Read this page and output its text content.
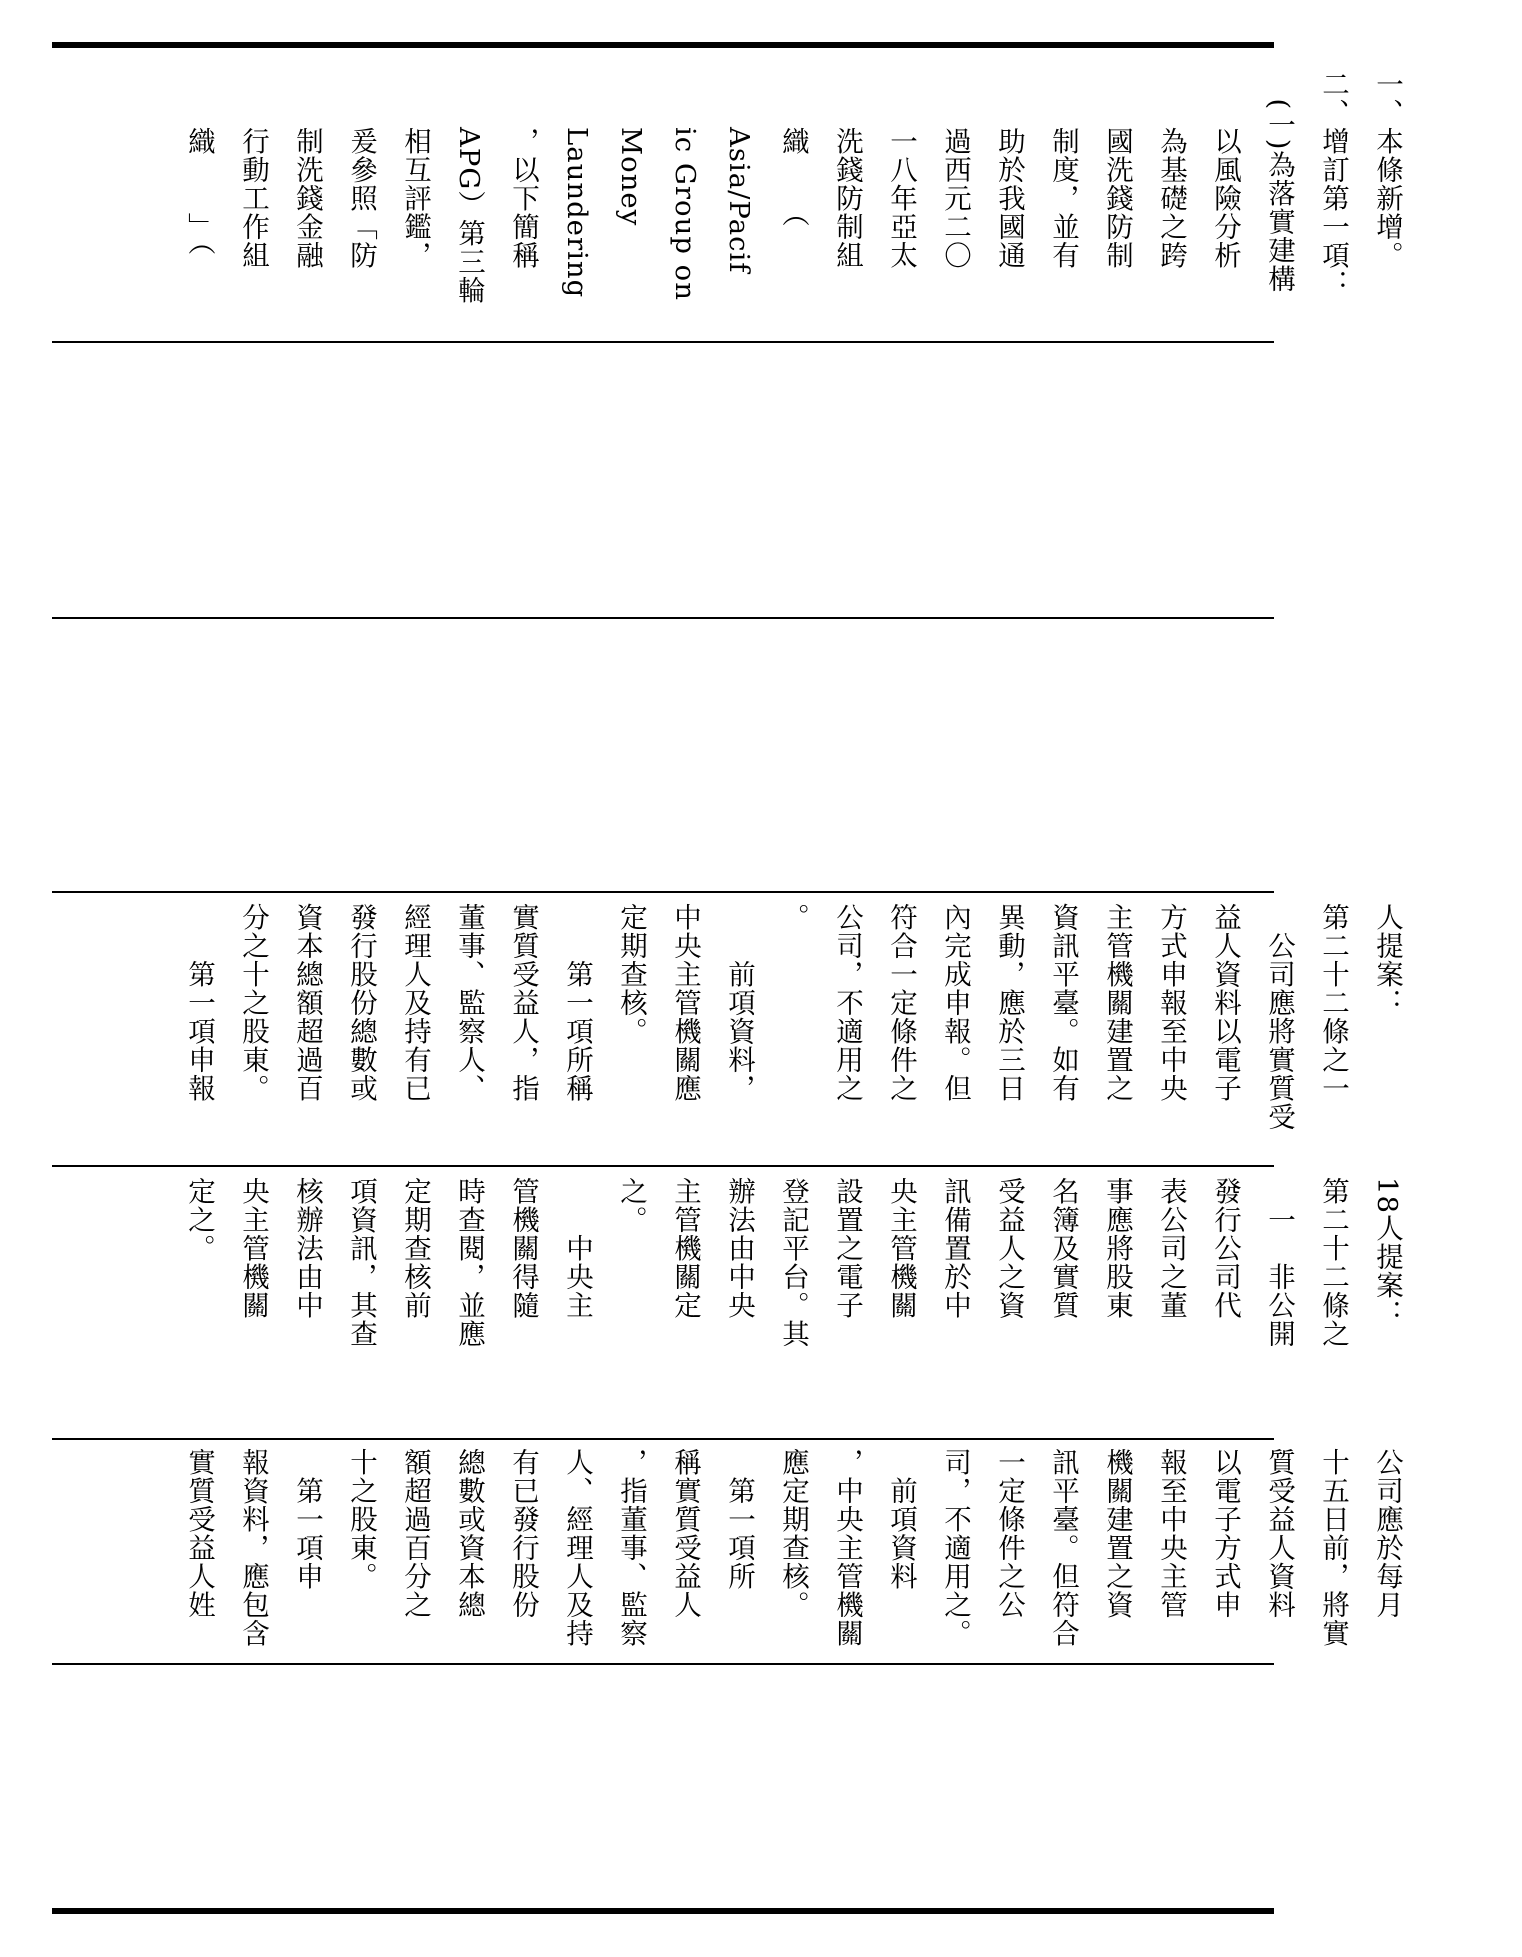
一、本條新增。
二、增訂第一項：
　(一)為落實建構
　　以風險分析
　　為基礎之跨
　　國洗錢防制
　　制度，並有
　　助於我國通
　　過西元二〇
　　一八年亞太
　　洗錢防制組
　　織　　（
　　Asia/Pacif
　　ic Group on
　　Money
　　Laundering
　　，以下簡稱
　　APG）第三輪
　　相互評鑑，
　　爰參照「防
　　制洗錢金融
　　行動工作組
　　織　　」（

人提案：
第二十二條之一
　公司應將實質受
益人資料以電子
方式申報至中央
主管機關建置之
資訊平臺。如有
異動，應於三日
內完成申報。但
符合一定條件之
公司，不適用之
。
　　前項資料，
中央主管機關應
定期查核。
　　第一項所稱
實質受益人，指
董事、監察人、
經理人及持有已
發行股份總數或
資本總額超過百
分之十之股東。
　　第一項申報

18人提案：
第二十二條之
　一　非公開
發行公司代
表公司之董
事應將股東
名簿及實質
受益人之資
訊備置於中
央主管機關
設置之電子
登記平台。其
辦法由中央
主管機關定
之。
　　中央主
管機關得隨
時查閱，並應
定期查核前
項資訊，其查
核辦法由中
央主管機關
定之。

公司應於每月
十五日前，將實
質受益人資料
以電子方式申
報至中央主管
機關建置之資
訊平臺。但符合
一定條件之公
司，不適用之。
　前項資料
，中央主管機關
應定期查核。
　第一項所
稱實質受益人
，指董事、監察
人、經理人及持
有已發行股份
總數或資本總
額超過百分之
十之股東。
　第一項申
報資料，應包含
實質受益人姓
